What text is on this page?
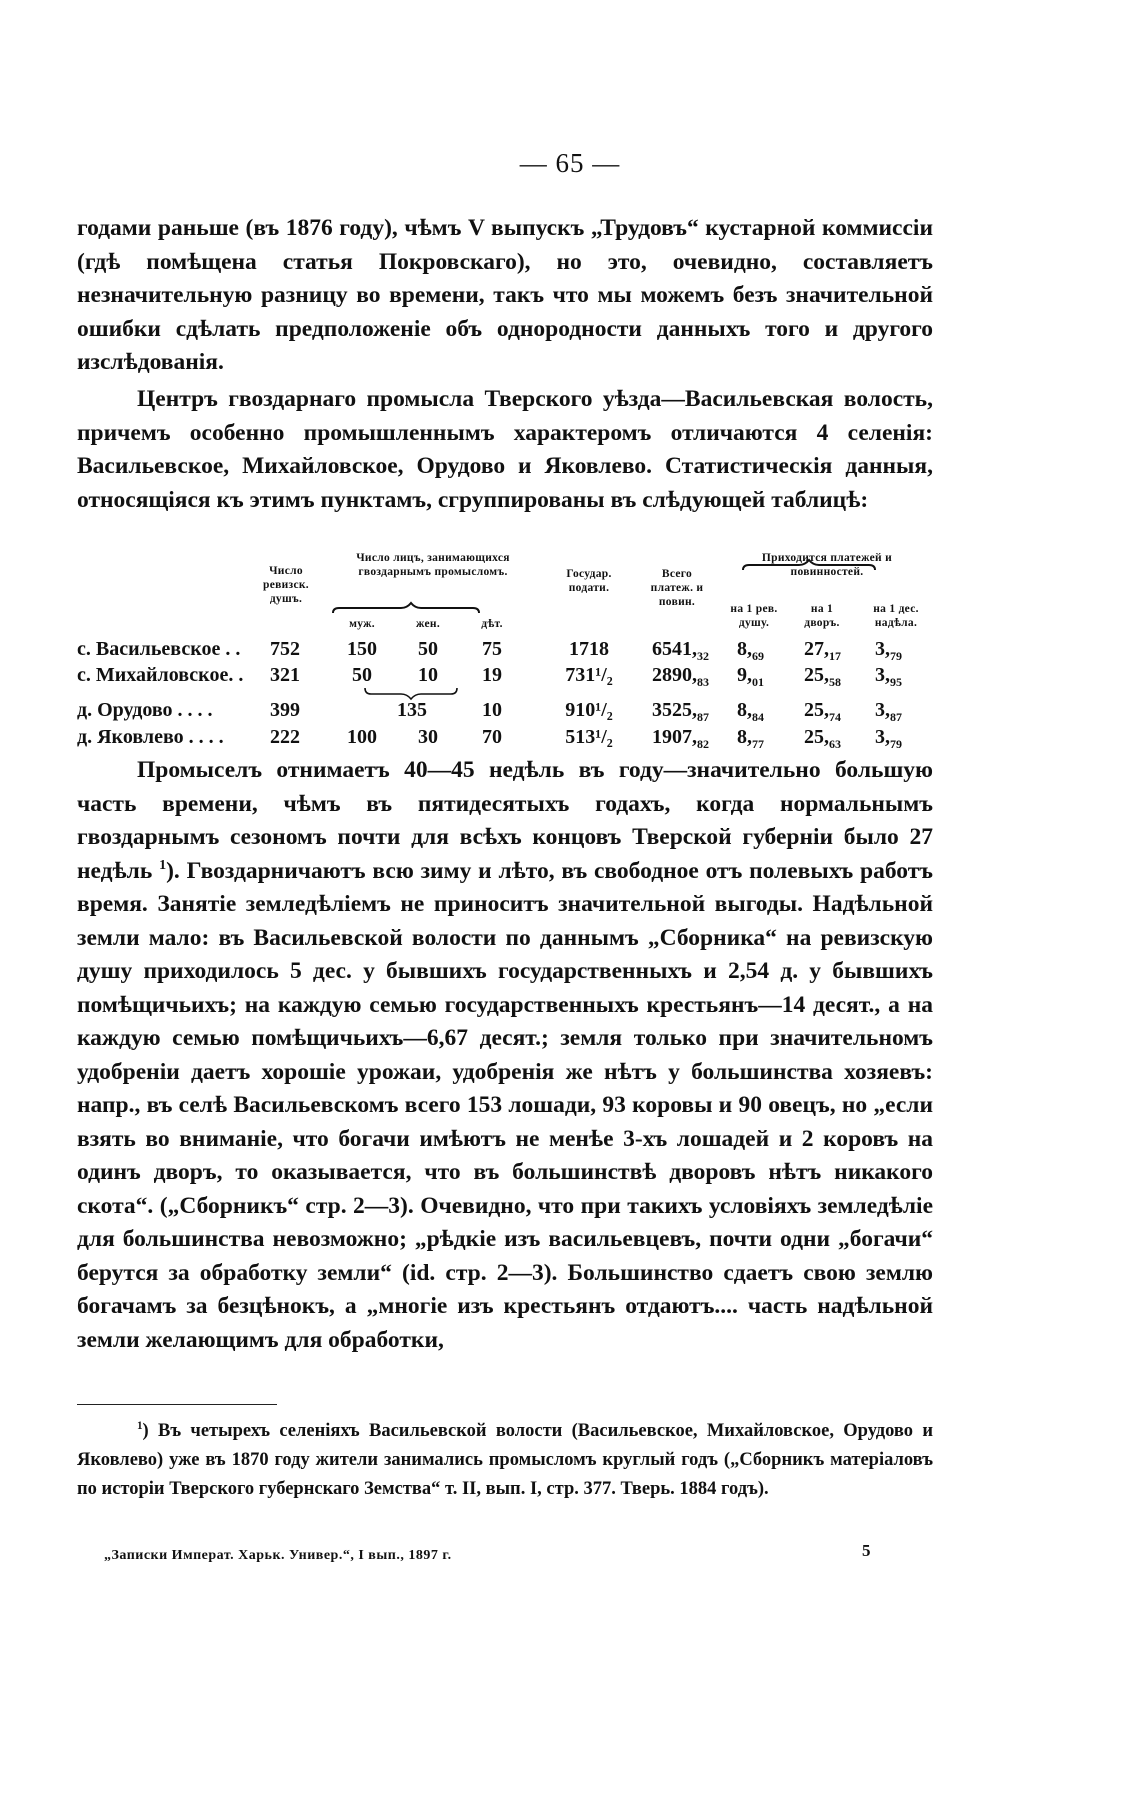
— 65 —

годами раньше (въ 1876 году), чѣмъ V выпускъ „Трудовъ“ кустарной коммиссіи (гдѣ помѣщена статья Покровскаго), но это, очевидно, составляетъ незначительную разницу во времени, такъ что мы можемъ безъ значительной ошибки сдѣлать предположеніе объ однородности данныхъ того и другого изслѣдованія.

Центръ гвоздарнаго промысла Тверского уѣзда—Васильевская волость, причемъ особенно промышленнымъ характеромъ отличаются 4 селенія: Васильевское, Михайловское, Орудово и Яковлево. Статистическія данныя, относящіяся къ этимъ пунктамъ, сгруппированы въ слѣдующей таблицѣ:

Число ревизск. душъ.
Число лицъ, занимающихся гвоздарнымъ промысломъ.
муж.	жен.	дѣт.
Государ. подати.
Всего платеж. и повин.
Приходится платежей и повинностей.
на 1 рев. душу.
на 1 дворъ.
на 1 дес. надѣла.
с. Васильевское . .	752	150	50	75	1718	$6541,_{32}$ $8,_{69}$ $27,_{17}$ $3,_{79}$
с. Михайловское. .	321	50	10	19	731¹/₂	$2890,_{83}$ $9,_{01}$ $25,_{58}$ $3,_{95}$
д. Орудово . . . .	399	135	10	910¹/₂	$3525,_{87}$ $8,_{84}$ $25,_{74}$ $3,_{87}$
д. Яковлево . . . .	222	100	30	70	513¹/₂	$1907,_{82}$ $8,_{77}$ $25,_{63}$ $3,_{79}$

Промыселъ отнимаетъ 40—45 недѣль въ году—значительно большую часть времени, чѣмъ въ пятидесятыхъ годахъ, когда нормальнымъ гвоздарнымъ сезономъ почти для всѣхъ концовъ Тверской губерніи было 27 недѣль $^1$). Гвоздарничаютъ всю зиму и лѣто, въ свободное отъ полевыхъ работъ время. Занятіе земледѣліемъ не приноситъ значительной выгоды. Надѣльной земли мало: въ Васильевской волости по даннымъ „Сборника“ на ревизскую душу приходилось 5 дес. у бывшихъ государственныхъ и 2,54 д. у бывшихъ помѣщичьихъ; на каждую семью государственныхъ крестьянъ—14 десят., а на каждую семью помѣщичьихъ—6,67 десят.; земля только при значительномъ удобреніи даетъ хорошіе урожаи, удобренія же нѣтъ у большинства хозяевъ: напр., въ селѣ Васильевскомъ всего 153 лошади, 93 коровы и 90 овецъ, но „если взять во вниманіе, что богачи имѣютъ не менѣе 3-хъ лошадей и 2 коровъ на одинъ дворъ, то оказывается, что въ большинствѣ дворовъ нѣтъ никакого скота“. („Сборникъ“ стр. 2—3). Очевидно, что при такихъ условіяхъ земледѣліе для большинства невозможно; „рѣдкіе изъ васильевцевъ, почти одни „богачи“ берутся за обработку земли“ (id. стр. 2—3). Большинство сдаетъ свою землю богачамъ за безцѣнокъ, а „многіе изъ крестьянъ отдаютъ.... часть надѣльной земли желающимъ для обработки,

$^1$) Въ четырехъ селеніяхъ Васильевской волости (Васильевское, Михайловское, Орудово и Яковлево) уже въ 1870 году жители занимались промысломъ круглый годъ („Сборникъ матеріаловъ по исторіи Тверского губернскаго Земства“ т. II, вып. I, стр. 377. Тверь. 1884 годъ).

„Записки Императ. Харьк. Универ.“, I вып., 1897 г.	5
